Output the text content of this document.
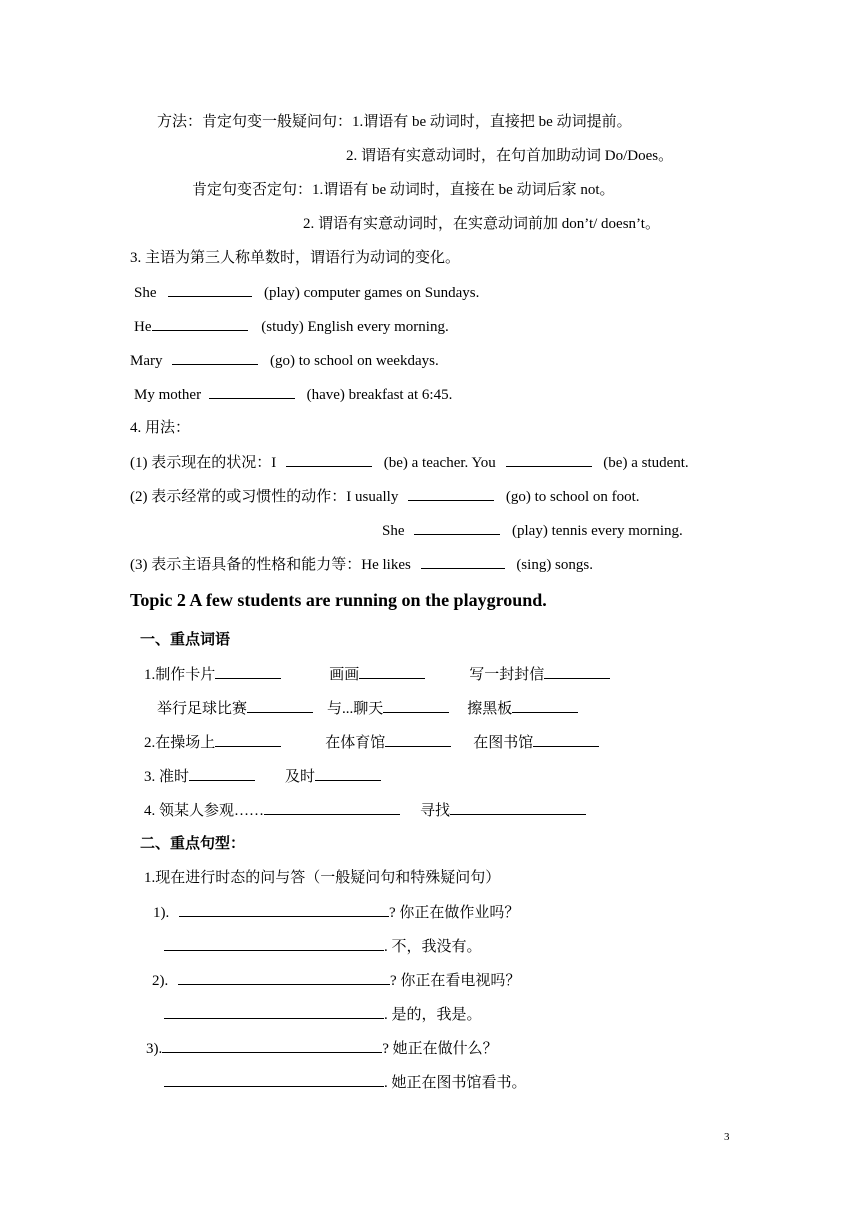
方法：肯定句变一般疑问句：1.谓语有 be 动词时，直接把 be 动词提前。
2. 谓语有实意动词时，在句首加助动词 Do/Does。
肯定句变否定句：1.谓语有 be 动词时，直接在 be 动词后家 not。
2. 谓语有实意动词时，在实意动词前加 don’t/ doesn’t。
3. 主语为第三人称单数时，谓语行为动词的变化。
She	(play) computer games on Sundays.
He	(study) English every morning.
Mary	(go) to school on weekdays.
My mother	(have) breakfast at 6:45.
4. 用法：
(1) 表示现在的状况：I	(be) a teacher. You	(be) a student.
(2) 表示经常的或习惯性的动作：I usually	(go) to school on foot.
She	(play) tennis every morning.
(3) 表示主语具备的性格和能力等：He likes	(sing) songs.
Topic 2 A few students are running on the playground.
一、重点词语
1.制作卡片	画画	写一封封信
举行足球比赛	与...聊天	擦黑板
2.在操场上	在体育馆	在图书馆
3. 准时	及时
4. 领某人参观……	寻找
二、重点句型：
1.现在进行时态的问与答（一般疑问句和特殊疑问句）
1).	? 你正在做作业吗？
. 不，我没有。
2).	? 你正在看电视吗？
. 是的，我是。
3).	? 她正在做什么？
. 她正在图书馆看书。
3
